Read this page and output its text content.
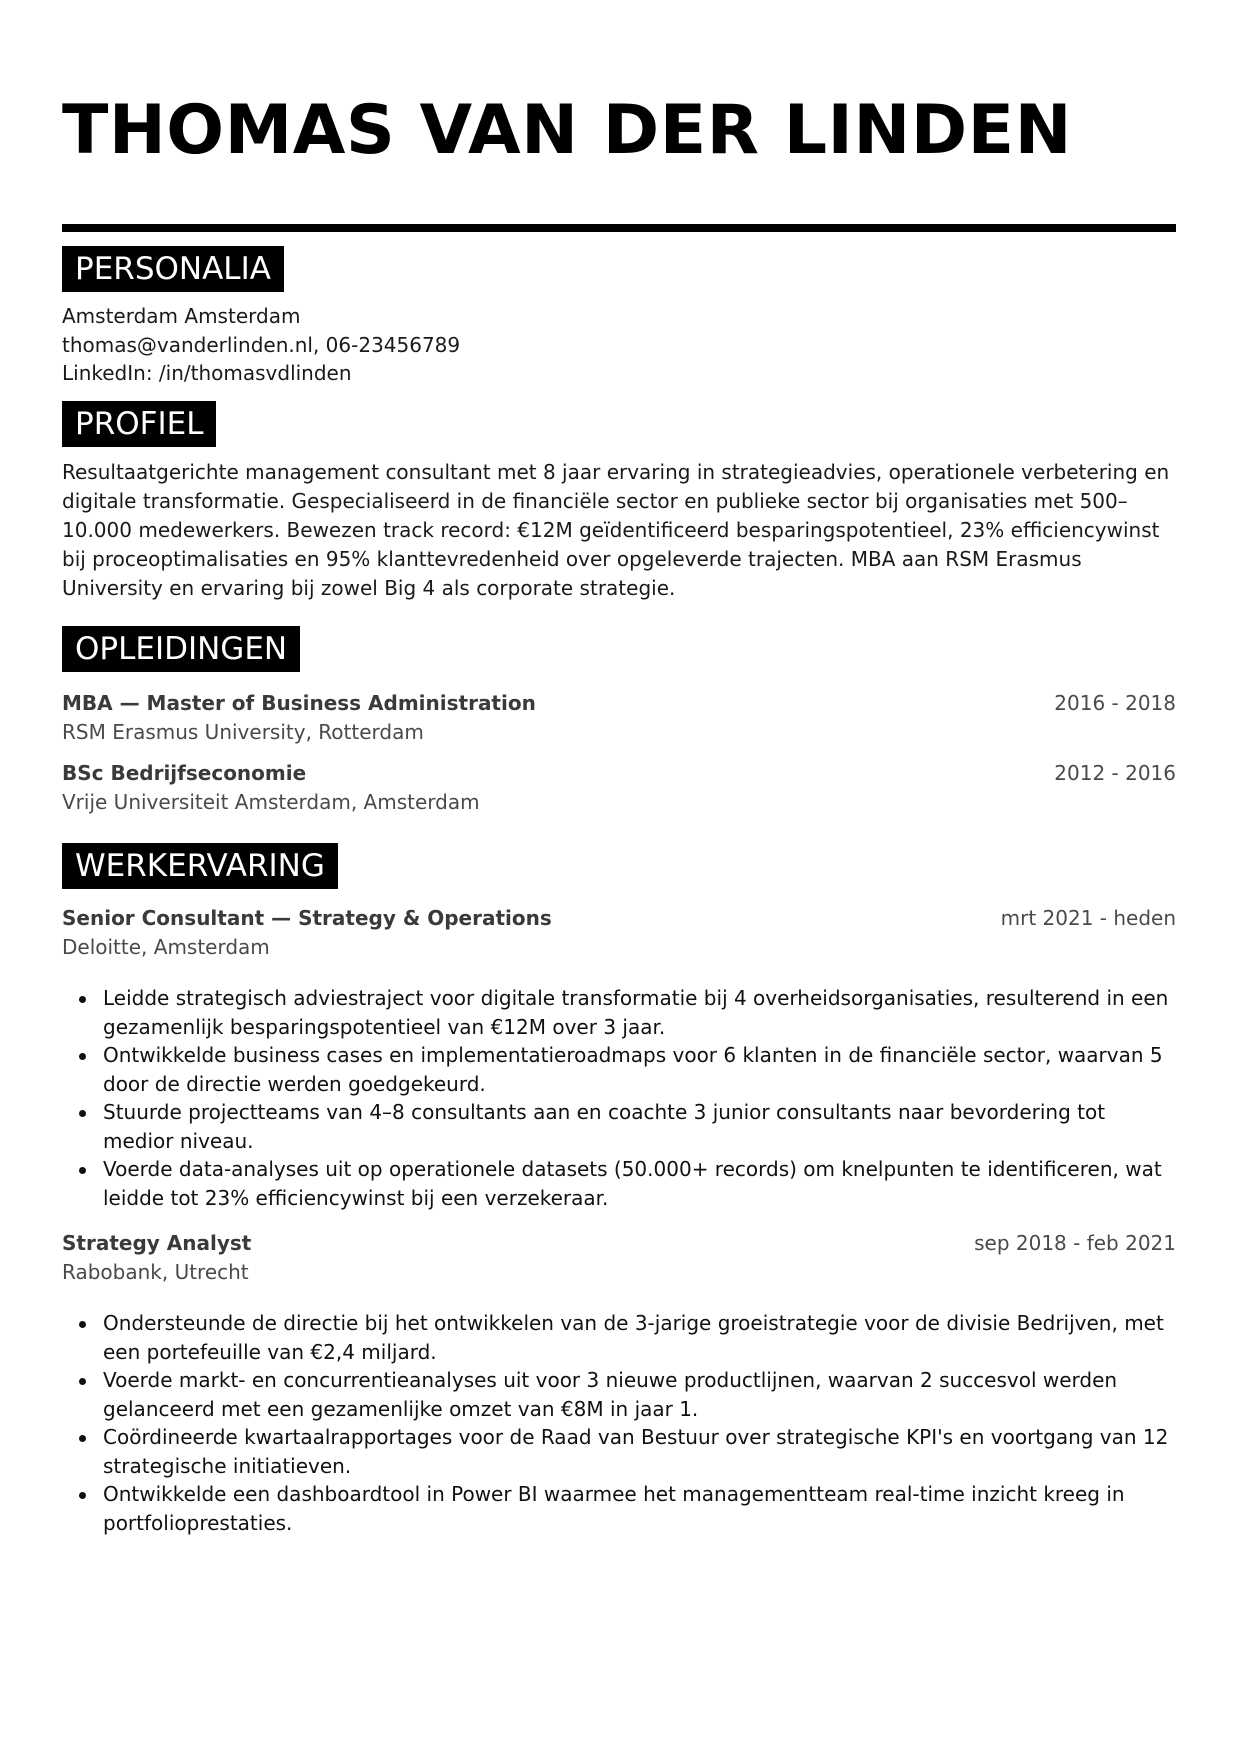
THOMAS VAN DER LINDEN
PERSONALIA
Amsterdam Amsterdam
thomas@vanderlinden.nl, 06-23456789
LinkedIn: /in/thomasvdlinden
PROFIEL
Resultaatgerichte management consultant met 8 jaar ervaring in strategieadvies, operationele verbetering en digitale transformatie. Gespecialiseerd in de financiële sector en publieke sector bij organisaties met 500–10.000 medewerkers. Bewezen track record: €12M geïdentificeerd besparingspotentieel, 23% efficiencywinst bij proceoptimalisaties en 95% klanttevredenheid over opgeleverde trajecten. MBA aan RSM Erasmus University en ervaring bij zowel Big 4 als corporate strategie.
OPLEIDINGEN
MBA — Master of Business Administration
RSM Erasmus University, Rotterdam
2016 - 2018
BSc Bedrijfseconomie
Vrije Universiteit Amsterdam, Amsterdam
2012 - 2016
WERKERVARING
Senior Consultant — Strategy & Operations
Deloitte, Amsterdam
mrt 2021 - heden
Leidde strategisch adviestraject voor digitale transformatie bij 4 overheidsorganisaties, resulterend in een gezamenlijk besparingspotentieel van €12M over 3 jaar.
Ontwikkelde business cases en implementatieroadmaps voor 6 klanten in de financiële sector, waarvan 5 door de directie werden goedgekeurd.
Stuurde projectteams van 4–8 consultants aan en coachte 3 junior consultants naar bevordering tot medior niveau.
Voerde data-analyses uit op operationele datasets (50.000+ records) om knelpunten te identificeren, wat leidde tot 23% efficiencywinst bij een verzekeraar.
Strategy Analyst
Rabobank, Utrecht
sep 2018 - feb 2021
Ondersteunde de directie bij het ontwikkelen van de 3-jarige groeistrategie voor de divisie Bedrijven, met een portefeuille van €2,4 miljard.
Voerde markt- en concurrentieanalyses uit voor 3 nieuwe productlijnen, waarvan 2 succesvol werden gelanceerd met een gezamenlijke omzet van €8M in jaar 1.
Coördineerde kwartaalrapportages voor de Raad van Bestuur over strategische KPI's en voortgang van 12 strategische initiatieven.
Ontwikkelde een dashboardtool in Power BI waarmee het managementteam real-time inzicht kreeg in portfolioprestaties.
